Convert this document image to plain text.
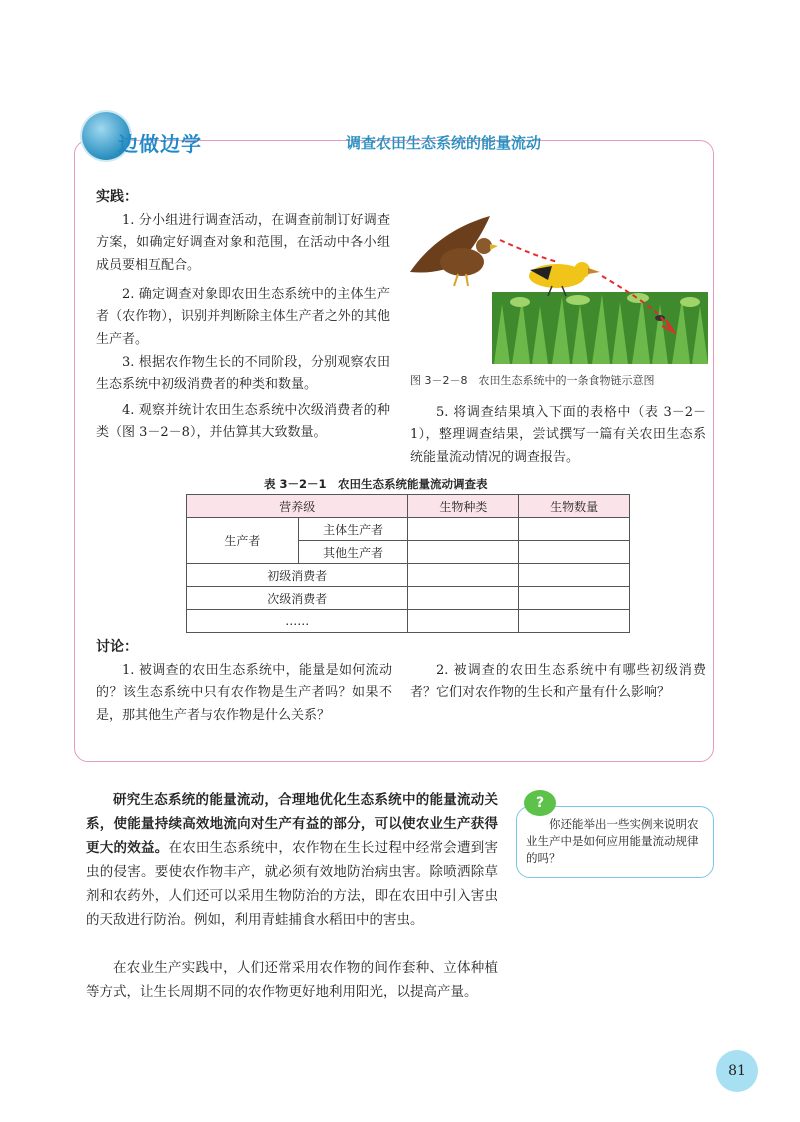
边做边学	调查农田生态系统的能量流动
实践：
1. 分小组进行调查活动，在调查前制订好调查方案，如确定好调查对象和范围，在活动中各小组成员要相互配合。
2. 确定调查对象即农田生态系统中的主体生产者（农作物），识别并判断除主体生产者之外的其他生产者。
3. 根据农作物生长的不同阶段，分别观察农田生态系统中初级消费者的种类和数量。
4. 观察并统计农田生态系统中次级消费者的种类（图 3－2－8），并估算其大致数量。
图 3－2－8　农田生态系统中的一条食物链示意图
5. 将调查结果填入下面的表格中（表 3－2－1），整理调查结果，尝试撰写一篇有关农田生态系统能量流动情况的调查报告。
表 3－2－1　农田生态系统能量流动调查表
营养级		生物种类	生物数量
生产者	主体生产者		
	其他生产者		
初级消费者			
次级消费者			
……			
讨论：
1. 被调查的农田生态系统中，能量是如何流动的？该生态系统中只有农作物是生产者吗？如果不是，那其他生产者与农作物是什么关系？
2. 被调查的农田生态系统中有哪些初级消费者？它们对农作物的生长和产量有什么影响？
研究生态系统的能量流动，合理地优化生态系统中的能量流动关系，使能量持续高效地流向对生产有益的部分，可以使农业生产获得更大的效益。在农田生态系统中，农作物在生长过程中经常会遭到害虫的侵害。要使农作物丰产，就必须有效地防治病虫害。除喷洒除草剂和农药外，人们还可以采用生物防治的方法，即在农田中引入害虫的天敌进行防治。例如，利用青蛙捕食水稻田中的害虫。
在农业生产实践中，人们还常采用农作物的间作套种、立体种植等方式，让生长周期不同的农作物更好地利用阳光，以提高产量。
?
你还能举出一些实例来说明农业生产中是如何应用能量流动规律的吗？
81
